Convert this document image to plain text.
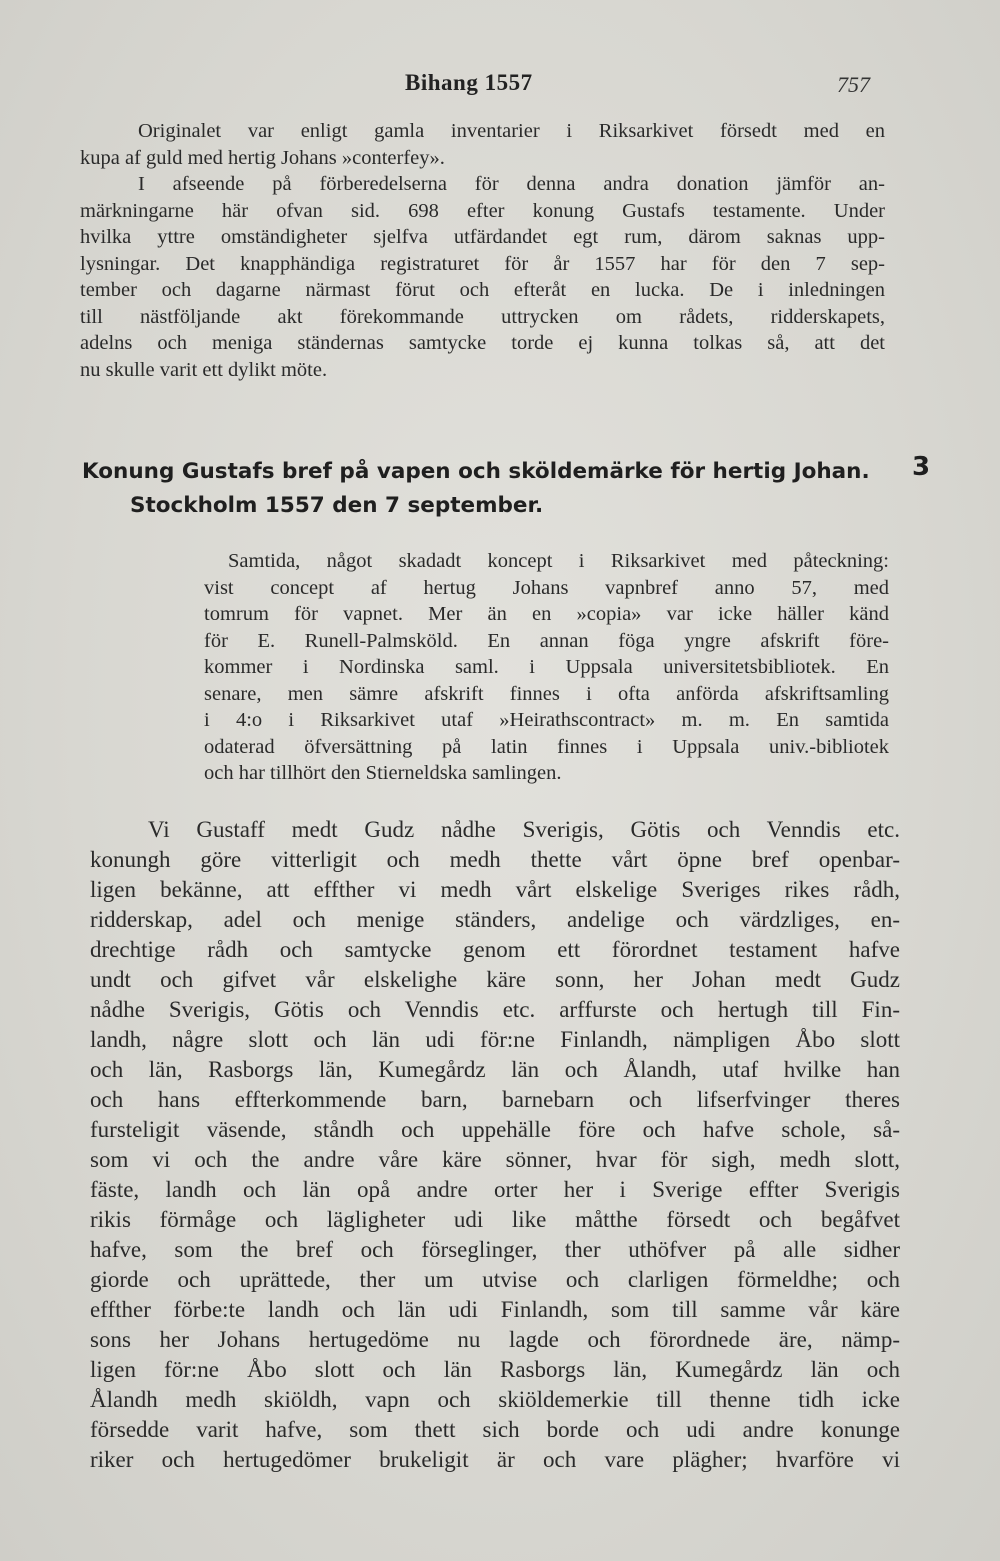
Bihang 1557	757
Originalet var enligt gamla inventarier i Riksarkivet försedt med en
kupa af guld med hertig Johans »conterfey».
I afseende på förberedelserna för denna andra donation jämför an-
märkningarne här ofvan sid. 698 efter konung Gustafs testamente. Under
hvilka yttre omständigheter sjelfva utfärdandet egt rum, därom saknas upp-
lysningar. Det knapphändiga registraturet för år 1557 har för den 7 sep-
tember och dagarne närmast förut och efteråt en lucka. De i inledningen
till nästföljande akt förekommande uttrycken om rådets, ridderskapets,
adelns och meniga ständernas samtycke torde ej kunna tolkas så, att det
nu skulle varit ett dylikt möte.
Konung Gustafs bref på vapen och sköldemärke för hertig Johan.
Stockholm 1557 den 7 september.
3
Samtida, något skadadt koncept i Riksarkivet med påteckning:
vist concept af hertug Johans vapnbref anno 57, med
tomrum för vapnet. Mer än en »copia» var icke häller känd
för E. Runell-Palmsköld. En annan föga yngre afskrift före-
kommer i Nordinska saml. i Uppsala universitetsbibliotek. En
senare, men sämre afskrift finnes i ofta anförda afskriftsamling
i 4:o i Riksarkivet utaf »Heirathscontract» m. m. En samtida
odaterad öfversättning på latin finnes i Uppsala univ.-bibliotek
och har tillhört den Stierneldska samlingen.
Vi Gustaff medt Gudz nådhe Sverigis, Götis och Venndis etc.
konungh göre vitterligit och medh thette vårt öpne bref openbar-
ligen bekänne, att effther vi medh vårt elskelige Sveriges rikes rådh,
ridderskap, adel och menige ständers, andelige och värdzliges, en-
drechtige rådh och samtycke genom ett förordnet testament hafve
undt och gifvet vår elskelighe käre sonn, her Johan medt Gudz
nådhe Sverigis, Götis och Venndis etc. arffurste och hertugh till Fin-
landh, någre slott och län udi för:ne Finlandh, nämpligen Åbo slott
och län, Rasborgs län, Kumegårdz län och Ålandh, utaf hvilke han
och hans effterkommende barn, barnebarn och lifserfvinger theres
fursteligit väsende, ståndh och uppehälle före och hafve schole, så-
som vi och the andre våre käre sönner, hvar för sigh, medh slott,
fäste, landh och län opå andre orter her i Sverige effter Sverigis
rikis förmåge och lägligheter udi like måtthe försedt och begåfvet
hafve, som the bref och förseglinger, ther uthöfver på alle sidher
giorde och uprättede, ther um utvise och clarligen förmeldhe; och
effther förbe:te landh och län udi Finlandh, som till samme vår käre
sons her Johans hertugedöme nu lagde och förordnede äre, nämp-
ligen för:ne Åbo slott och län Rasborgs län, Kumegårdz län och
Ålandh medh skiöldh, vapn och skiöldemerkie till thenne tidh icke
försedde varit hafve, som thett sich borde och udi andre konunge
riker och hertugedömer brukeligit är och vare plägher; hvarföre vi
